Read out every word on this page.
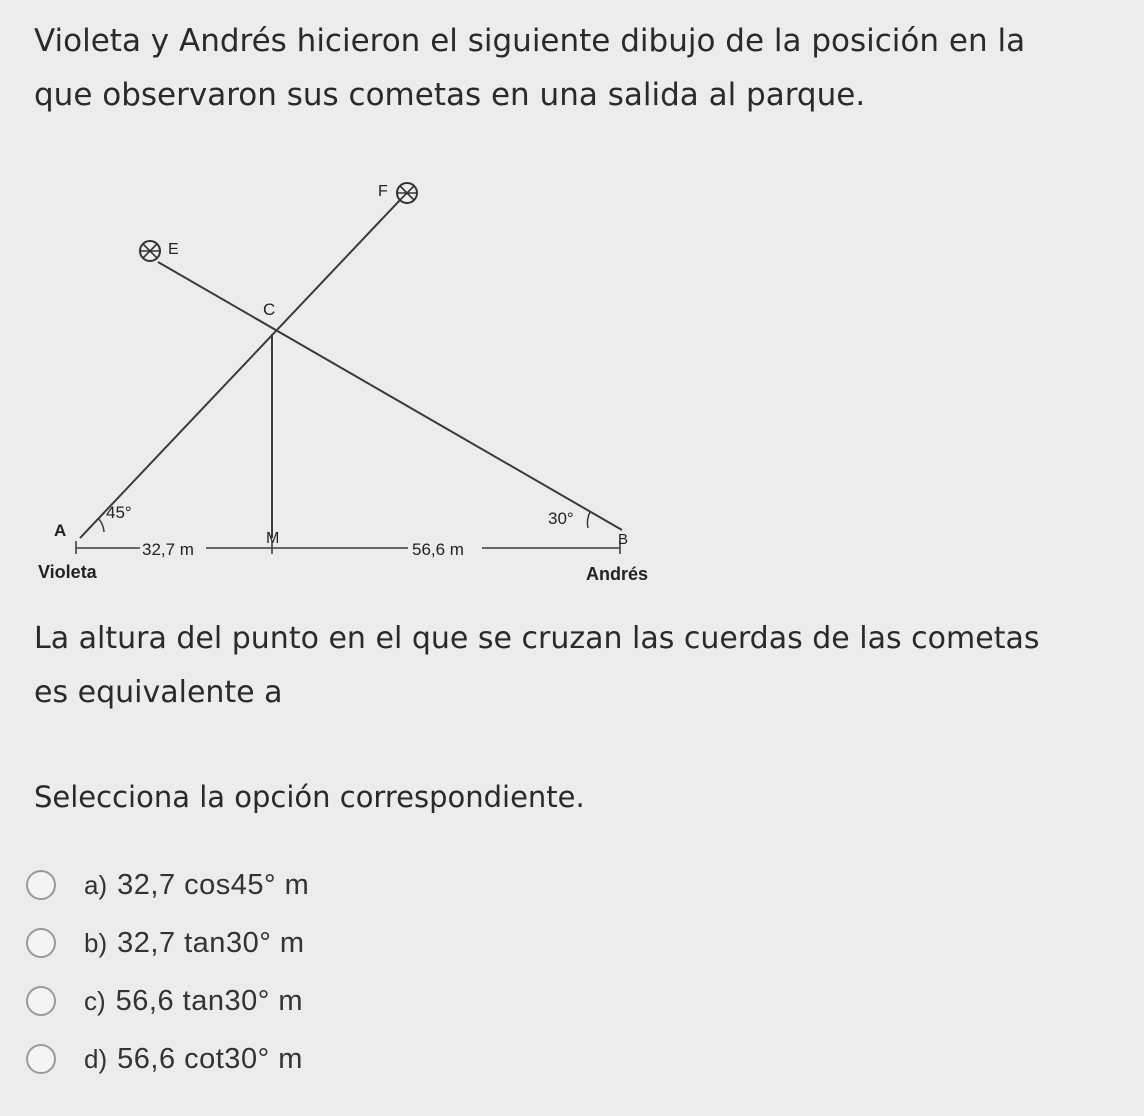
Violeta y Andrés hicieron el siguiente dibujo de la posición en la

que observaron sus cometas en una salida al parque.

F
E
C
A	M	B
45°	30°
32,7 m	56,6 m
Violeta	Andrés

La altura del punto en el que se cruzan las cuerdas de las cometas

es equivalente a

Selecciona la opción correspondiente.
a) 32,7 cos45° m
b) 32,7 tan30° m
c) 56,6 tan30° m
d) 56,6 cot30° m
